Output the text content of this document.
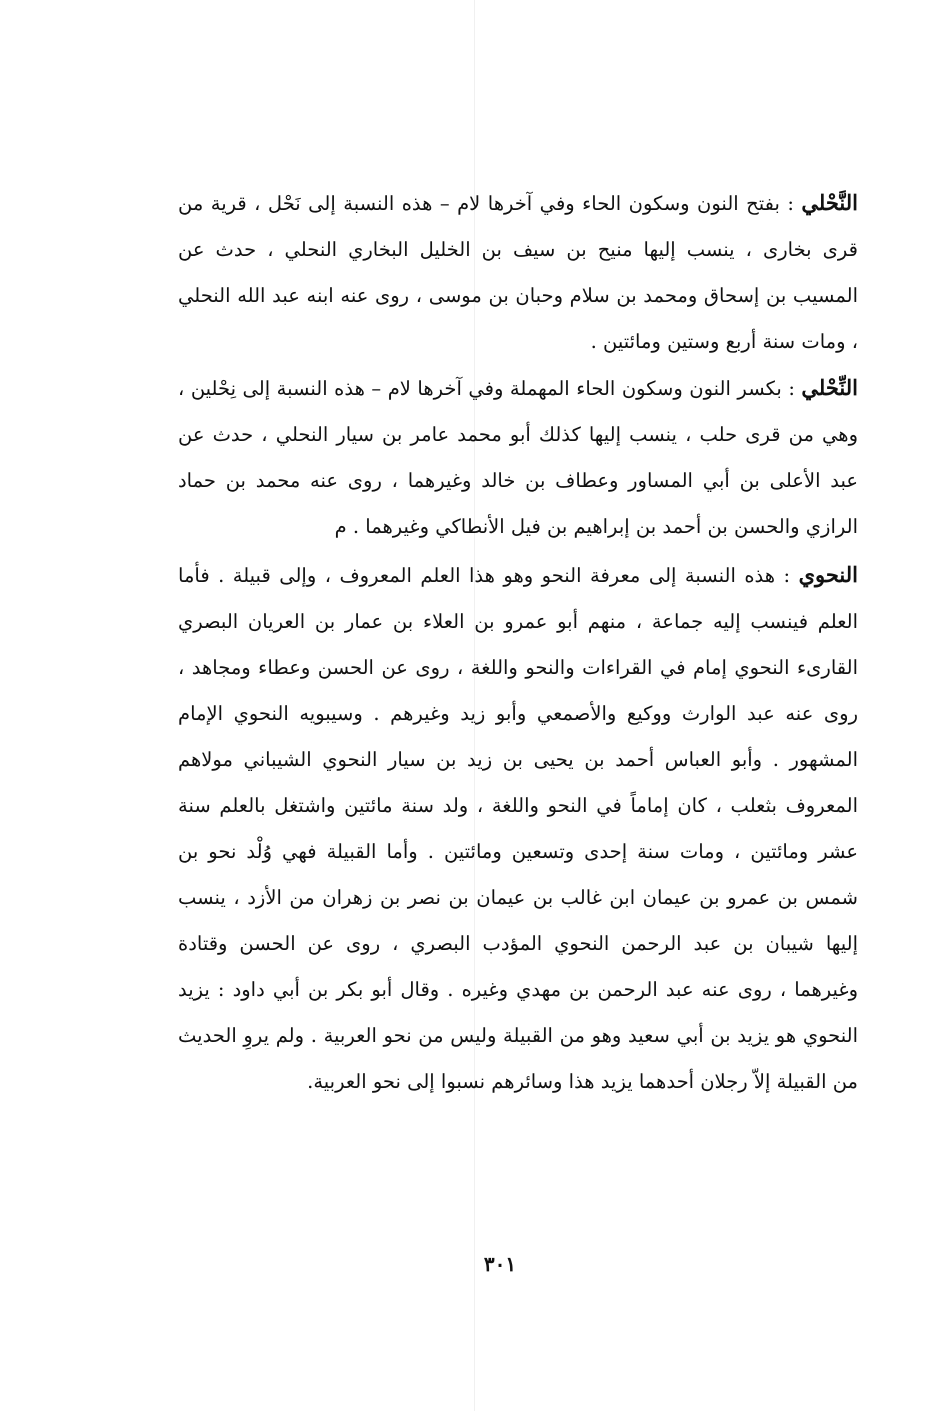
النَّحْلي : بفتح النون وسكون الحاء وفي آخرها لام – هذه النسبة إلى نَحْل ، قرية من قرى بخارى ، ينسب إليها منيح بن سيف بن الخليل البخاري النحلي ، حدث عن المسيب بن إسحاق ومحمد بن سلام وحبان بن موسى ، روى عنه ابنه عبد الله النحلي ، ومات سنة أربع وستين ومائتين .

النِّحْلي : بكسر النون وسكون الحاء المهملة وفي آخرها لام – هذه النسبة إلى نِحْلين ، وهي من قرى حلب ، ينسب إليها كذلك أبو محمد عامر بن سيار النحلي ، حدث عن عبد الأعلى بن أبي المساور وعطاف بن خالد وغيرهما ، روى عنه محمد بن حماد الرازي والحسن بن أحمد بن إبراهيم بن فيل الأنطاكي وغيرهما . م

النحوي : هذه النسبة إلى معرفة النحو وهو هذا العلم المعروف ، وإلى قبيلة . فأما العلم فينسب إليه جماعة ، منهم أبو عمرو بن العلاء بن عمار بن العريان البصري القارىء النحوي إمام في القراءات والنحو واللغة ، روى عن الحسن وعطاء ومجاهد ، روى عنه عبد الوارث ووكيع والأصمعي وأبو زيد وغيرهم . وسيبويه النحوي الإمام المشهور . وأبو العباس أحمد بن يحيى بن زيد بن سيار النحوي الشيباني مولاهم المعروف بثعلب ، كان إماماً في النحو واللغة ، ولد سنة مائتين واشتغل بالعلم سنة عشر ومائتين ، ومات سنة إحدى وتسعين ومائتين . وأما القبيلة فهي وُلْد نحو بن شمس بن عمرو بن عيمان ابن غالب بن عيمان بن نصر بن زهران من الأزد ، ينسب إليها شيبان بن عبد الرحمن النحوي المؤدب البصري ، روى عن الحسن وقتادة وغيرهما ، روى عنه عبد الرحمن بن مهدي وغيره . وقال أبو بكر بن أبي داود : يزيد النحوي هو يزيد بن أبي سعيد وهو من القبيلة وليس من نحو العربية . ولم يروِ الحديث من القبيلة إلاّ رجلان أحدهما يزيد هذا وسائرهم نسبوا إلى نحو العربية.

٣٠١
